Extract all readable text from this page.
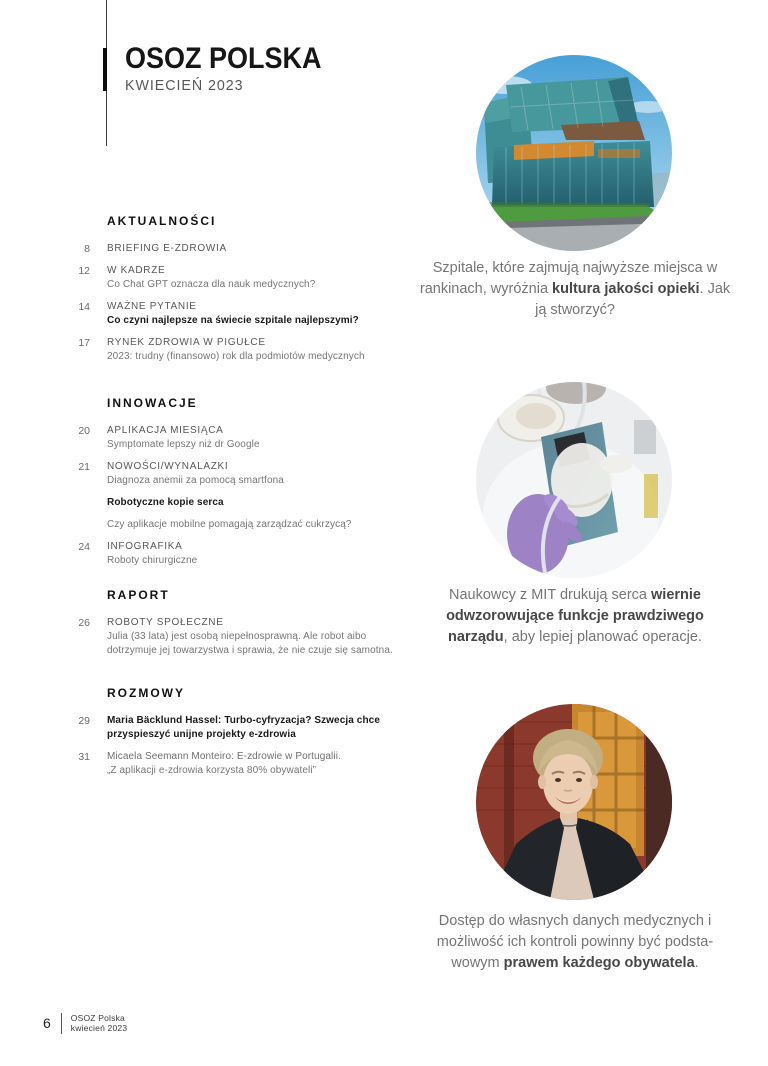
OSOZ POLSKA
KWIECIEŃ 2023
AKTUALNOŚCI
8 BRIEFING E-ZDROWIA
12 W KADRZE
Co Chat GPT oznacza dla nauk medycznych?
14 WAŻNE PYTANIE
Co czyni najlepsze na świecie szpitale najlepszymi?
17 RYNEK ZDROWIA W PIGUŁCE
2023: trudny (finansowo) rok dla podmiotów medycznych
INNOWACJE
20 APLIKACJA MIESIĄCA
Symptomate lepszy niż dr Google
21 NOWOŚCI/WYNALAZKI
Diagnoza anemii za pomocą smartfona
Robotyczne kopie serca
Czy aplikacje mobilne pomagają zarządzać cukrzycą?
24 INFOGRAFIKA
Roboty chirurgiczne
RAPORT
26 ROBOTY SPOŁECZNE
Julia (33 lata) jest osobą niepełnosprawną. Ale robot aibo dotrzymuje jej towarzystwa i sprawia, że nie czuje się samotna.
ROZMOWY
29 Maria Bäcklund Hassel: Turbo-cyfryzacja? Szwecja chce przyspieszyć unijne projekty e-zdrowia
31 Micaela Seemann Monteiro: E-zdrowie w Portugalii.
„Z aplikacji e-zdrowia korzysta 80% obywateli”

Szpitale, które zajmują najwyższe miejsca w rankinach, wyróżnia kultura jakości opieki. Jak ją stworzyć?

Naukowcy z MIT drukują serca wiernie odwzorowujące funkcje prawdziwego narządu, aby lepiej planować operacje.

Dostęp do własnych danych medycznych i możliwość ich kontroli powinny być podstawowym prawem każdego obywatela.

6 OSOZ Polska
kwiecień 2023
